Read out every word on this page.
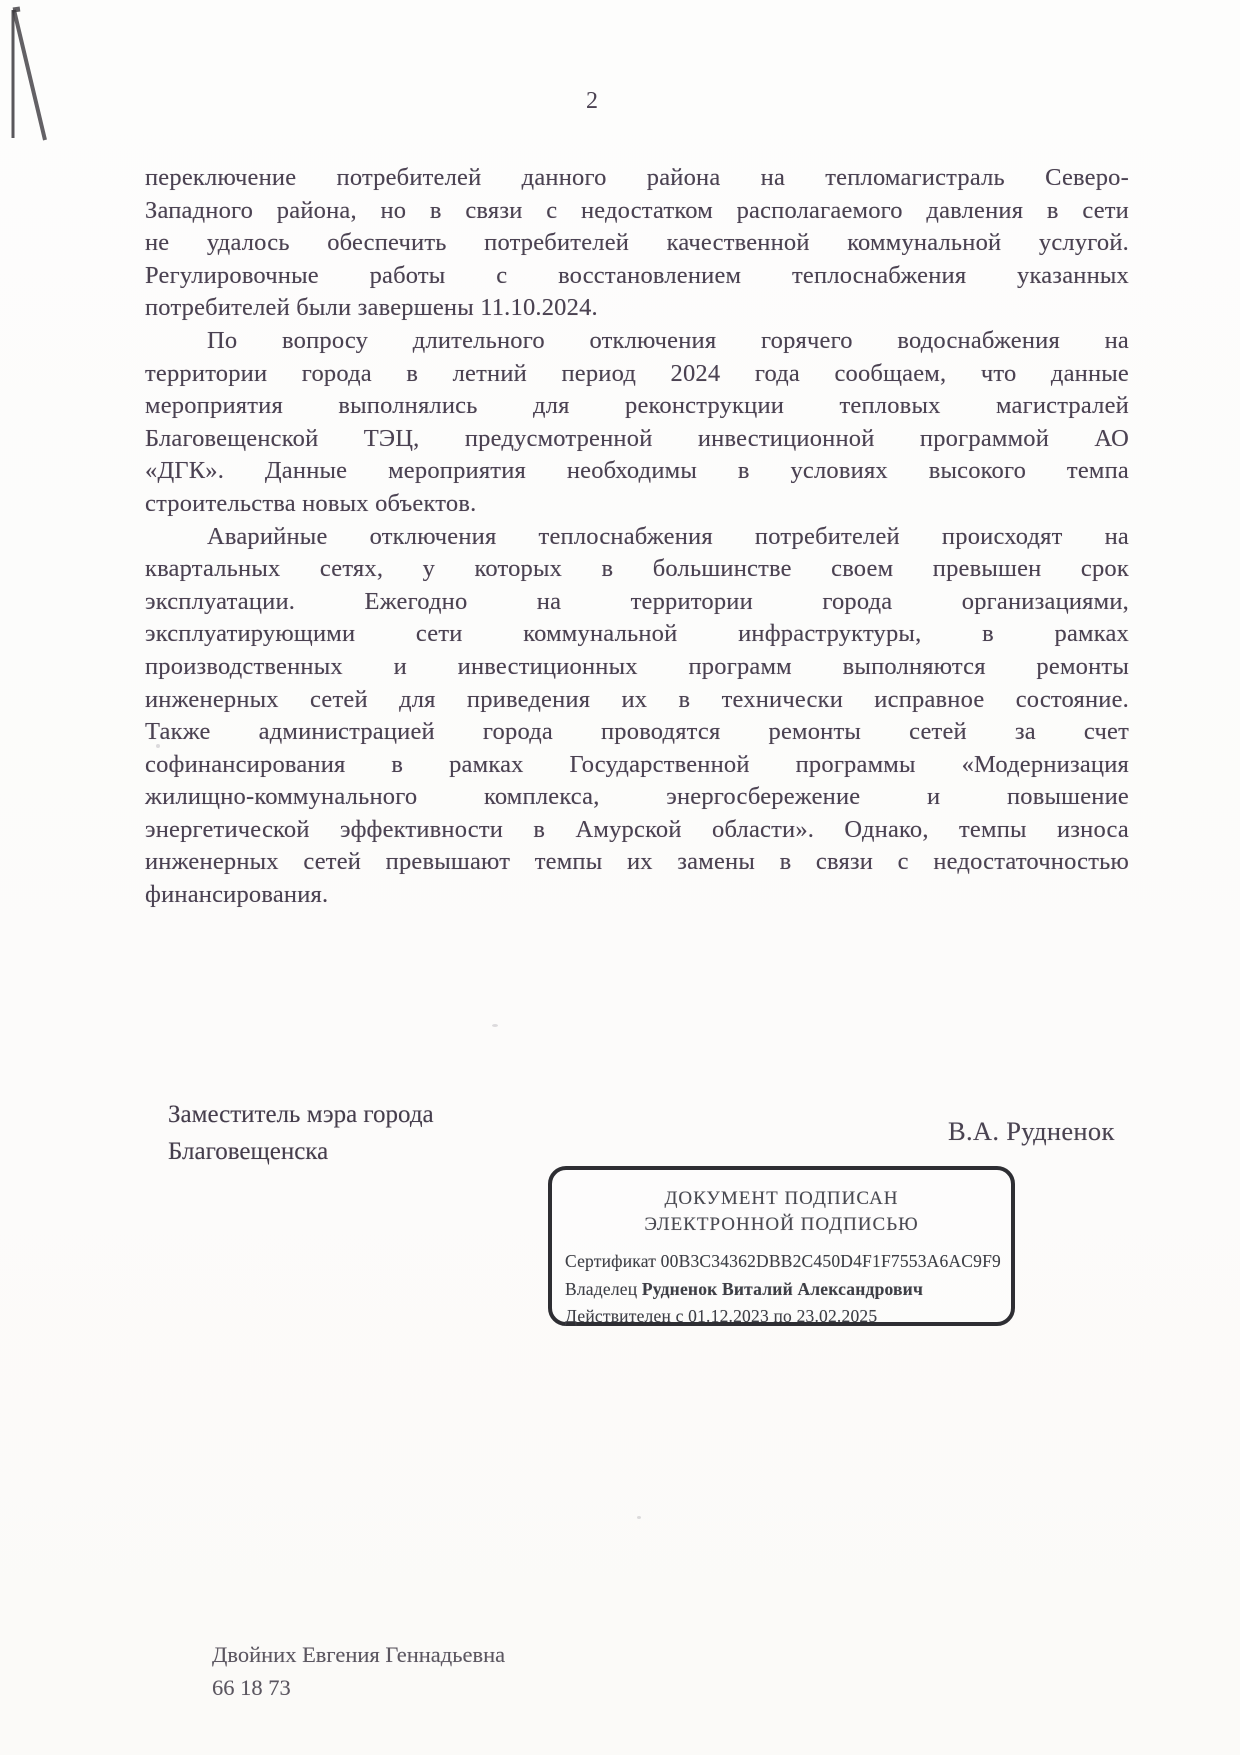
2
переключение потребителей данного района на тепломагистраль Северо-
Западного района, но в связи с недостатком располагаемого давления в сети
не удалось обеспечить потребителей качественной коммунальной услугой.
Регулировочные работы с восстановлением теплоснабжения указанных
потребителей были завершены 11.10.2024.
По вопросу длительного отключения горячего водоснабжения на
территории города в летний период 2024 года сообщаем, что данные
мероприятия выполнялись для реконструкции тепловых магистралей
Благовещенской ТЭЦ, предусмотренной инвестиционной программой АО
«ДГК». Данные мероприятия необходимы в условиях высокого темпа
строительства новых объектов.
Аварийные отключения теплоснабжения потребителей происходят на
квартальных сетях, у которых в большинстве своем превышен срок
эксплуатации. Ежегодно на территории города организациями,
эксплуатирующими сети коммунальной инфраструктуры, в рамках
производственных и инвестиционных программ выполняются ремонты
инженерных сетей для приведения их в технически исправное состояние.
Также администрацией города проводятся ремонты сетей за счет
софинансирования в рамках Государственной программы «Модернизация
жилищно-коммунального комплекса, энергосбережение и повышение
энергетической эффективности в Амурской области». Однако, темпы износа
инженерных сетей превышают темпы их замены в связи с недостаточностью
финансирования.
Заместитель мэра города
Благовещенска
В.А. Рудненок
ДОКУМЕНТ ПОДПИСАН
ЭЛЕКТРОННОЙ ПОДПИСЬЮ
Сертификат 00B3C34362DBB2C450D4F1F7553A6AC9F9
Владелец Рудненок Виталий Александрович
Действителен с 01.12.2023 по 23.02.2025
Двойних Евгения Геннадьевна
66 18 73
